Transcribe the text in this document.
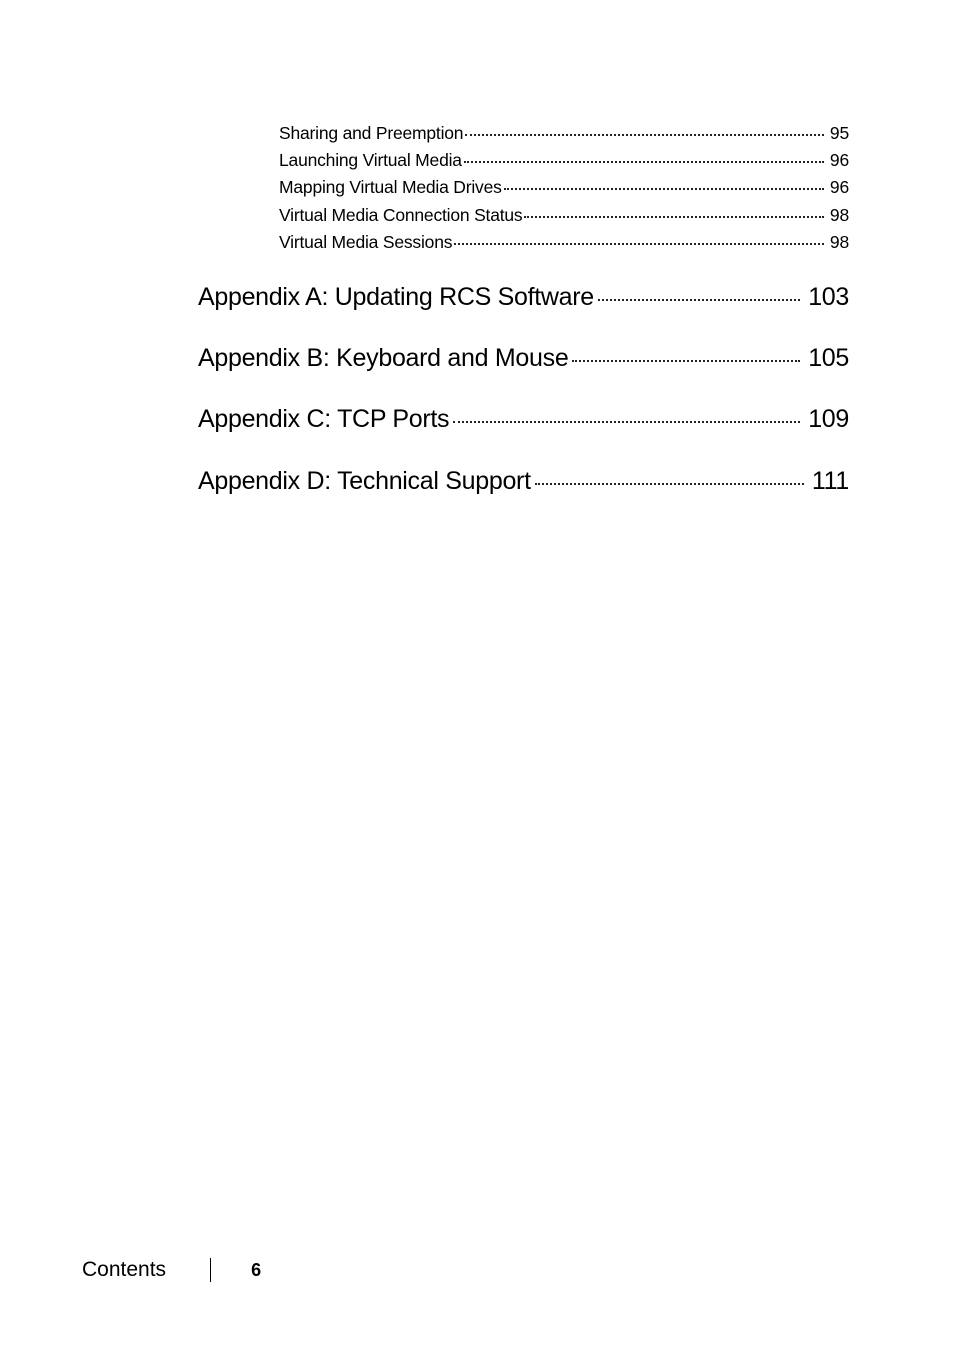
Sharing and Preemption	95
Launching Virtual Media	96
Mapping Virtual Media Drives	96
Virtual Media Connection Status	98
Virtual Media Sessions	98
Appendix A: Updating RCS Software	103
Appendix B: Keyboard and Mouse	105
Appendix C: TCP Ports	109
Appendix D: Technical Support	111
Contents	6
